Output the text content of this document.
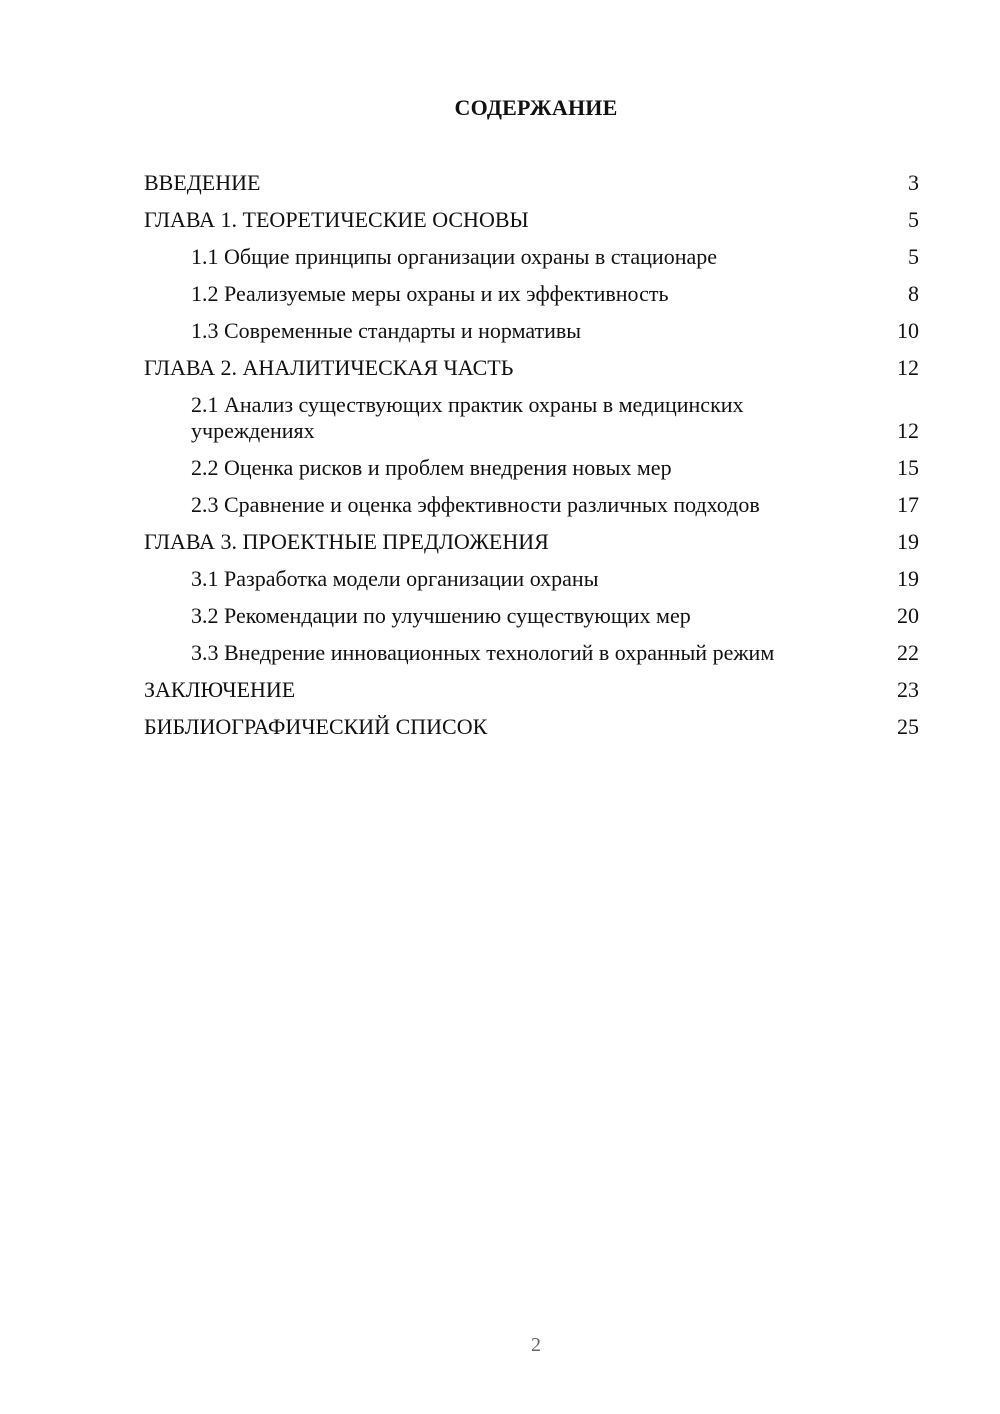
СОДЕРЖАНИЕ
ВВЕДЕНИЕ	3
ГЛАВА 1. ТЕОРЕТИЧЕСКИЕ ОСНОВЫ	5
1.1 Общие принципы организации охраны в стационаре	5
1.2 Реализуемые меры охраны и их эффективность	8
1.3 Современные стандарты и нормативы	10
ГЛАВА 2. АНАЛИТИЧЕСКАЯ ЧАСТЬ	12
2.1 Анализ существующих практик охраны в медицинских учреждениях	12
2.2 Оценка рисков и проблем внедрения новых мер	15
2.3 Сравнение и оценка эффективности различных подходов	17
ГЛАВА 3. ПРОЕКТНЫЕ ПРЕДЛОЖЕНИЯ	19
3.1 Разработка модели организации охраны	19
3.2 Рекомендации по улучшению существующих мер	20
3.3 Внедрение инновационных технологий в охранный режим	22
ЗАКЛЮЧЕНИЕ	23
БИБЛИОГРАФИЧЕСКИЙ СПИСОК	25
2
